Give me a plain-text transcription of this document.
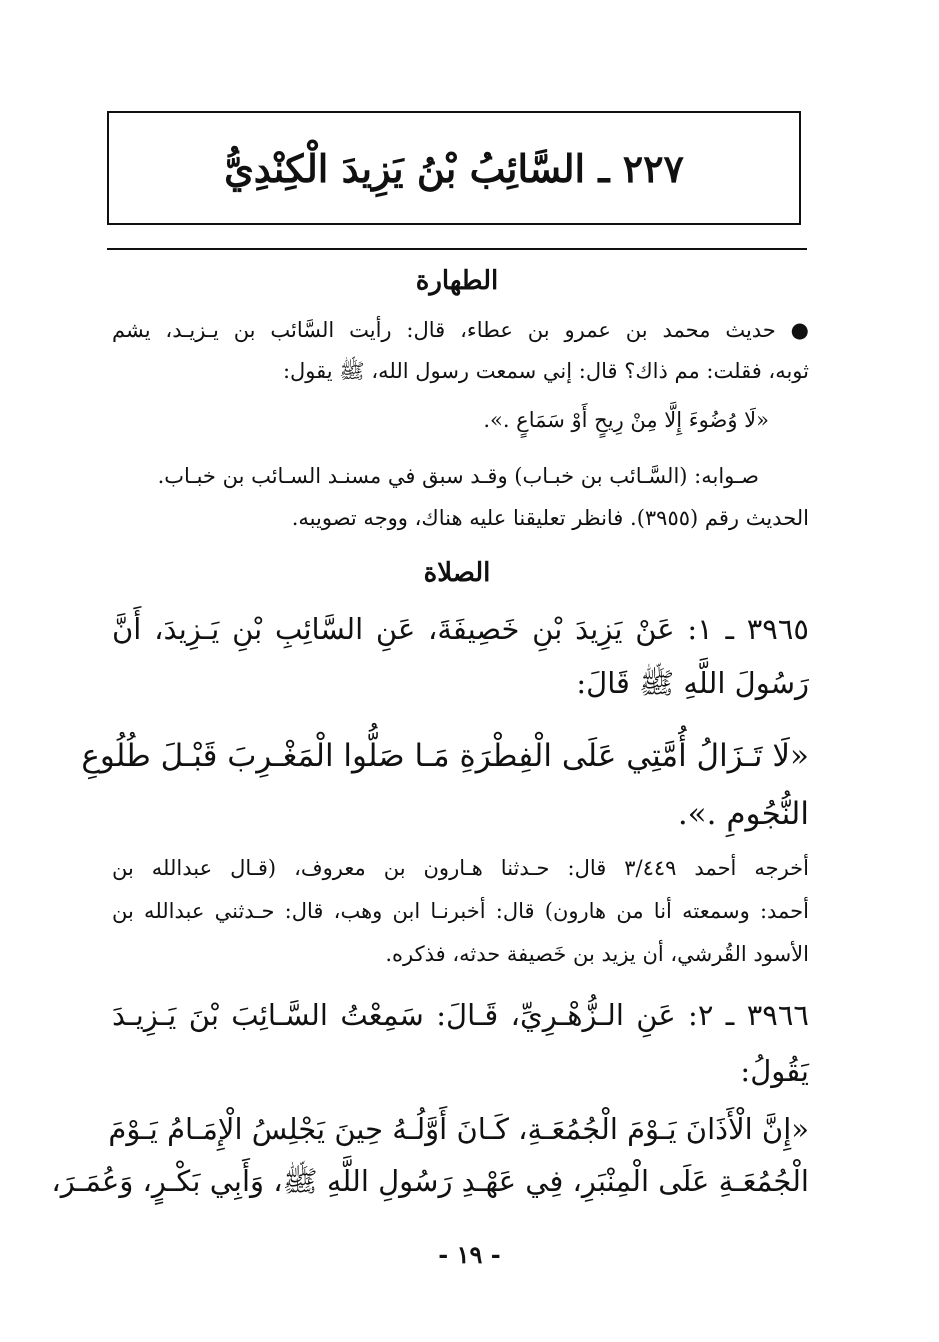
٢٢٧ ـ السَّائِبُ بْنُ يَزِيدَ الْكِنْدِيُّ
الطهارة
● حديث محمد بن عمرو بن عطاء، قال: رأيت السَّائب بن يـزيـد، يشم
ثوبه، فقلت: مم ذاك؟ قال: إني سمعت رسول الله، ﷺ يقول:
«لَا وُضُوءَ إِلَّا مِنْ رِيحٍ أَوْ سَمَاعٍ .».
صـوابه: (السَّـائب بن خبـاب) وقـد سبق في مسنـد السـائب بن خبـاب.
الحديث رقم (٣٩٥٥). فانظر تعليقنا عليه هناك، ووجه تصويبه.
الصلاة
٣٩٦٥ ـ ١: عَنْ يَزِيدَ بْنِ خَصِيفَةَ، عَنِ السَّائِبِ بْنِ يَـزِيدَ، أَنَّ
رَسُولَ اللَّهِ ﷺ قَالَ:
«لَا تَـزَالُ أُمَّتِي عَلَى الْفِطْرَةِ مَـا صَلُّوا الْمَغْـرِبَ قَبْـلَ طُلُوعِ
النُّجُومِ .».
أخرجه أحمد ٣/٤٤٩ قال: حـدثنا هـارون بن معروف، (قـال عبدالله بن
أحمد: وسمعته أنا من هارون) قال: أخبرنـا ابن وهب، قال: حـدثني عبدالله بن
الأسود القُرشي، أن يزيد بن خَصيفة حدثه، فذكره.
٣٩٦٦ ـ ٢: عَنِ الـزُّهْـرِيِّ، قَـالَ: سَمِعْتُ السَّـائِبَ بْنَ يَـزِيـدَ
يَقُولُ:
«إِنَّ الْأَذَانَ يَـوْمَ الْجُمُعَـةِ، كَـانَ أَوَّلُـهُ حِينَ يَجْلِسُ الْإِمَـامُ يَـوْمَ
الْجُمُعَـةِ عَلَى الْمِنْبَرِ، فِي عَهْـدِ رَسُولِ اللَّهِ ﷺ، وَأَبِي بَكْـرٍ، وَعُمَـرَ،
- ١٩ -
